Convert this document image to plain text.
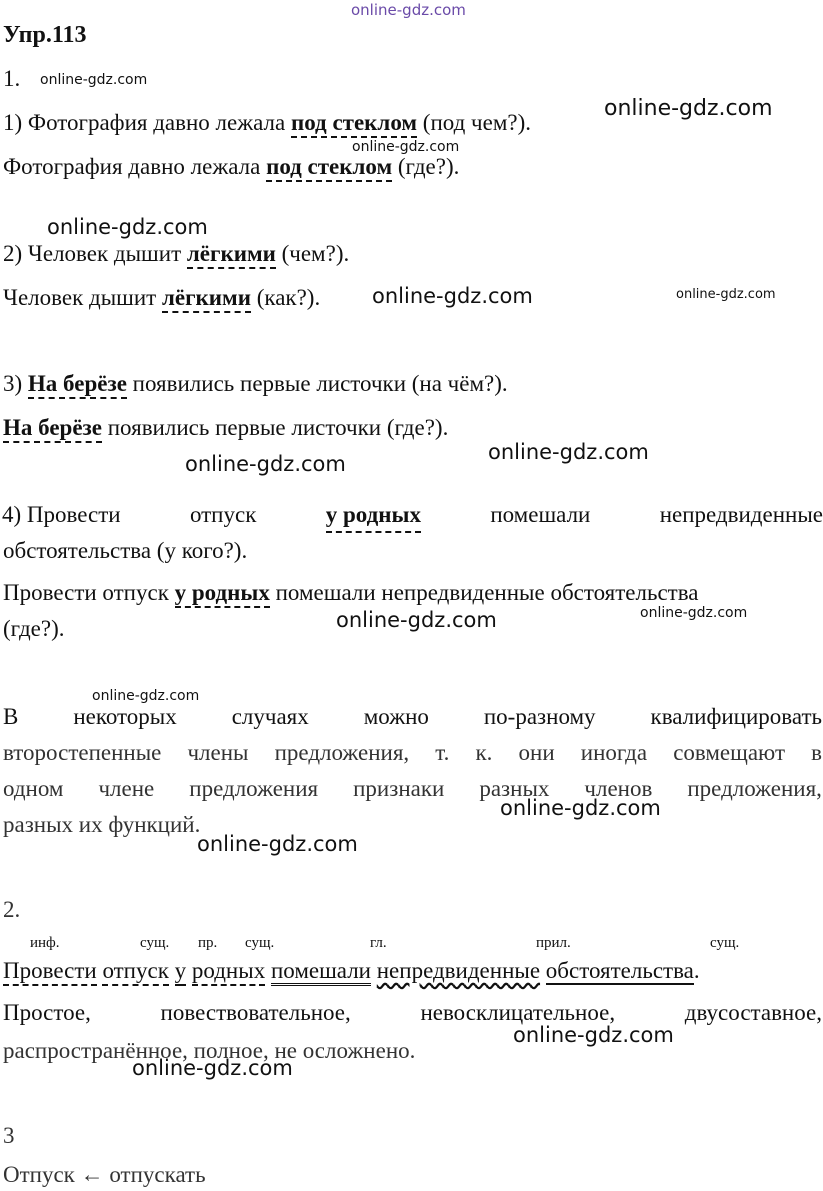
online-gdz.com
Упр.113
1. online-gdz.com
1) Фотография давно лежала под стеклом (под чем?).
online-gdz.com
online-gdz.com
Фотография давно лежала под стеклом (где?).
online-gdz.com
2) Человек дышит лёгкими (чем?).
Человек дышит лёгкими (как?). online-gdz.com	online-gdz.com
3) На берёзе появились первые листочки (на чём?).
На берёзе появились первые листочки (где?).
online-gdz.com
online-gdz.com
4) Провести	отпуск	у родных	помешали	непредвиденные
обстоятельства (у кого?).
Провести отпуск у родных помешали непредвиденные обстоятельства
(где?).
online-gdz.com
online-gdz.com
online-gdz.com
В некоторых случаях можно по-разному квалифицировать
второстепенные члены предложения, т. к. они иногда совмещают в
одном члене предложения признаки разных членов предложения,
разных их функций.
online-gdz.com
online-gdz.com
2.
инф.	сущ. пр. сущ.	гл.	прил.	сущ.
Провести отпуск у родных помешали непредвиденные обстоятельства.
Простое,	повествовательное,	невосклицательное,	двусоставное,
распространённое, полное, не осложнено.
online-gdz.com
online-gdz.com
3
Отпуск ← отпускать
